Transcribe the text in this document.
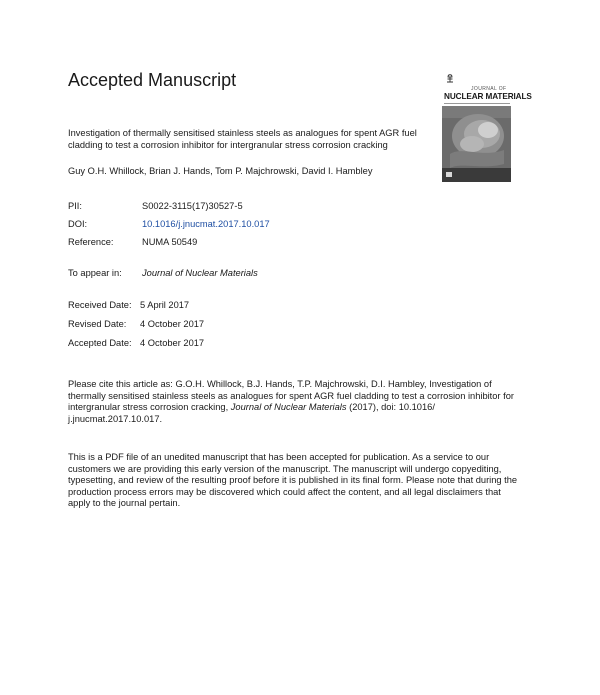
Accepted Manuscript	JOURNAL OF
NUCLEAR MATERIALS
Investigation of thermally sensitised stainless steels as analogues for spent AGR fuel cladding to test a corrosion inhibitor for intergranular stress corrosion cracking
Guy O.H. Whillock, Brian J. Hands, Tom P. Majchrowski, David I. Hambley
PII:	S0022-3115(17)30527-5
DOI:	10.1016/j.jnucmat.2017.10.017
Reference:	NUMA 50549
To appear in: Journal of Nuclear Materials
Received Date: 5 April 2017
Revised Date: 4 October 2017
Accepted Date: 4 October 2017
Please cite this article as: G.O.H. Whillock, B.J. Hands, T.P. Majchrowski, D.I. Hambley, Investigation of thermally sensitised stainless steels as analogues for spent AGR fuel cladding to test a corrosion inhibitor for intergranular stress corrosion cracking, Journal of Nuclear Materials (2017), doi: 10.1016/ j.jnucmat.2017.10.017.
This is a PDF file of an unedited manuscript that has been accepted for publication. As a service to our customers we are providing this early version of the manuscript. The manuscript will undergo copyediting, typesetting, and review of the resulting proof before it is published in its final form. Please note that during the production process errors may be discovered which could affect the content, and all legal disclaimers that apply to the journal pertain.
